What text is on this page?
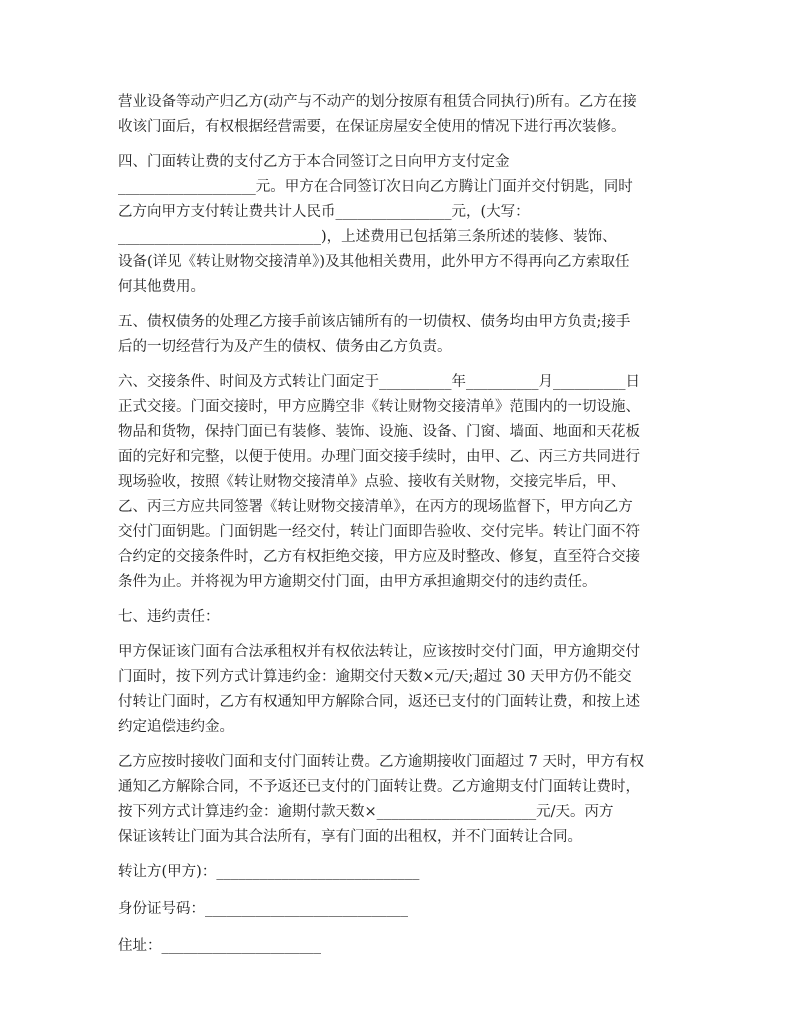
营业设备等动产归乙方(动产与不动产的划分按原有租赁合同执行)所有。乙方在接
收该门面后，有权根据经营需要，在保证房屋安全使用的情况下进行再次装修。
四、门面转让费的支付乙方于本合同签订之日向甲方支付定金
___________________元。甲方在合同签订次日向乙方腾让门面并交付钥匙，同时
乙方向甲方支付转让费共计人民币________________元，(大写：
____________________________)，上述费用已包括第三条所述的装修、装饰、
设备(详见《转让财物交接清单》)及其他相关费用，此外甲方不得再向乙方索取任
何其他费用。
五、债权债务的处理乙方接手前该店铺所有的一切债权、债务均由甲方负责;接手
后的一切经营行为及产生的债权、债务由乙方负责。
六、交接条件、时间及方式转让门面定于__________年__________月__________日
正式交接。门面交接时，甲方应腾空非《转让财物交接清单》范围内的一切设施、
物品和货物，保持门面已有装修、装饰、设施、设备、门窗、墙面、地面和天花板
面的完好和完整，以便于使用。办理门面交接手续时，由甲、乙、丙三方共同进行
现场验收，按照《转让财物交接清单》点验、接收有关财物，交接完毕后，甲、
乙、丙三方应共同签署《转让财物交接清单》，在丙方的现场监督下，甲方向乙方
交付门面钥匙。门面钥匙一经交付，转让门面即告验收、交付完毕。转让门面不符
合约定的交接条件时，乙方有权拒绝交接，甲方应及时整改、修复，直至符合交接
条件为止。并将视为甲方逾期交付门面，由甲方承担逾期交付的违约责任。
七、违约责任：
甲方保证该门面有合法承租权并有权依法转让，应该按时交付门面，甲方逾期交付
门面时，按下列方式计算违约金：逾期交付天数×元/天;超过 30 天甲方仍不能交
付转让门面时，乙方有权通知甲方解除合同，返还已支付的门面转让费，和按上述
约定追偿违约金。
乙方应按时接收门面和支付门面转让费。乙方逾期接收门面超过 7 天时，甲方有权
通知乙方解除合同，不予返还已支付的门面转让费。乙方逾期支付门面转让费时，
按下列方式计算违约金：逾期付款天数×______________________元/天。丙方
保证该转让门面为其合法所有，享有门面的出租权，并不门面转让合同。
转让方(甲方)：____________________________
身份证号码：____________________________
住址：______________________
